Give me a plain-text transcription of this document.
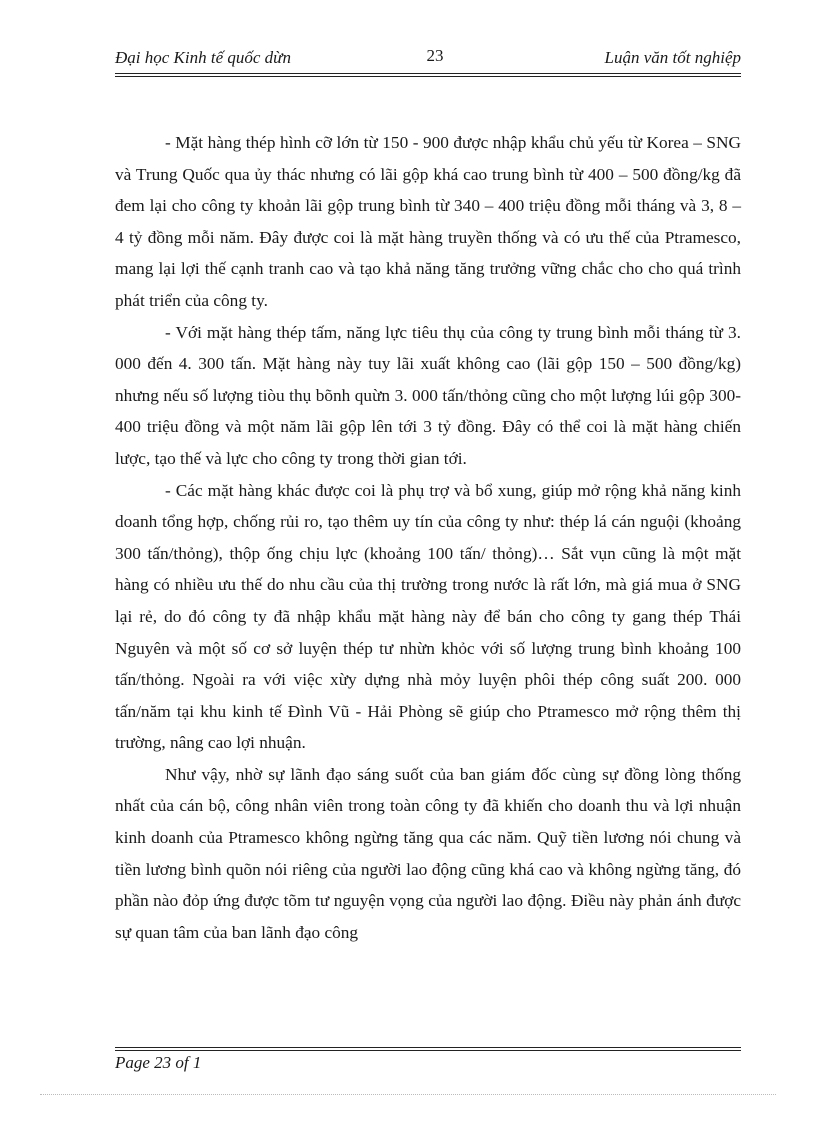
Đại học Kinh tế quốc dừn	23	Luận văn tốt nghiệp

- Mặt hàng thép hình cỡ lớn từ 150 - 900 được nhập khẩu chủ yếu từ Korea – SNG và Trung Quốc qua ủy thác nhưng có lãi gộp khá cao trung bình từ 400 – 500 đồng/kg đã đem lại cho công ty khoản lãi gộp trung bình từ 340 – 400 triệu đồng mỗi tháng và 3, 8 – 4 tỷ đồng mỗi năm. Đây được coi là mặt hàng truyền thống và có ưu thế của Ptramesco, mang lại lợi thế cạnh tranh cao và tạo khả năng tăng trưởng vững chắc cho cho quá trình phát triển của công ty.

- Với mặt hàng thép tấm, năng lực tiêu thụ của công ty trung bình mỗi tháng từ 3. 000 đến 4. 300 tấn. Mặt hàng này tuy lãi xuất không cao (lãi gộp 150 – 500 đồng/kg) nhưng nếu số lượng tiòu thụ bõnh quừn 3. 000 tấn/thỏng cũng cho một lượng lúi gộp 300-400 triệu đồng và một năm lãi gộp lên tới 3 tỷ đồng. Đây có thể coi là mặt hàng chiến lược, tạo thế và lực cho công ty trong thời gian tới.

- Các mặt hàng khác được coi là phụ trợ và bổ xung, giúp mở rộng khả năng kinh doanh tổng hợp, chống rủi ro, tạo thêm uy tín của công ty như: thép lá cán nguội (khoảng 300 tấn/thỏng), thộp ống chịu lực (khoảng 100 tấn/ thỏng)… Sắt vụn cũng là một mặt hàng có nhiều ưu thế do nhu cầu của thị trường trong nước là rất lớn, mà giá mua ở SNG lại rẻ, do đó công ty đã nhập khẩu mặt hàng này để bán cho công ty gang thép Thái Nguyên và một số cơ sở luyện thép tư nhừn khỏc với số lượng trung bình khoảng 100 tấn/thỏng. Ngoài ra với việc xừy dựng nhà mỏy luyện phôi thép công suất 200. 000 tấn/năm tại khu kinh tế Đình Vũ - Hải Phòng sẽ giúp cho Ptramesco mở rộng thêm thị trường, nâng cao lợi nhuận.

Như vậy, nhờ sự lãnh đạo sáng suốt của ban giám đốc cùng sự đồng lòng thống nhất của cán bộ, công nhân viên trong toàn công ty đã khiến cho doanh thu và lợi nhuận kinh doanh của Ptramesco không ngừng tăng qua các năm. Quỹ tiền lương nói chung và tiền lương bình quõn nói riêng của người lao động cũng khá cao và không ngừng tăng, đó phần nào đỏp ứng được tõm tư nguyện vọng của người lao động. Điều này phản ánh được sự quan tâm của ban lãnh đạo công

Page 23 of 1
